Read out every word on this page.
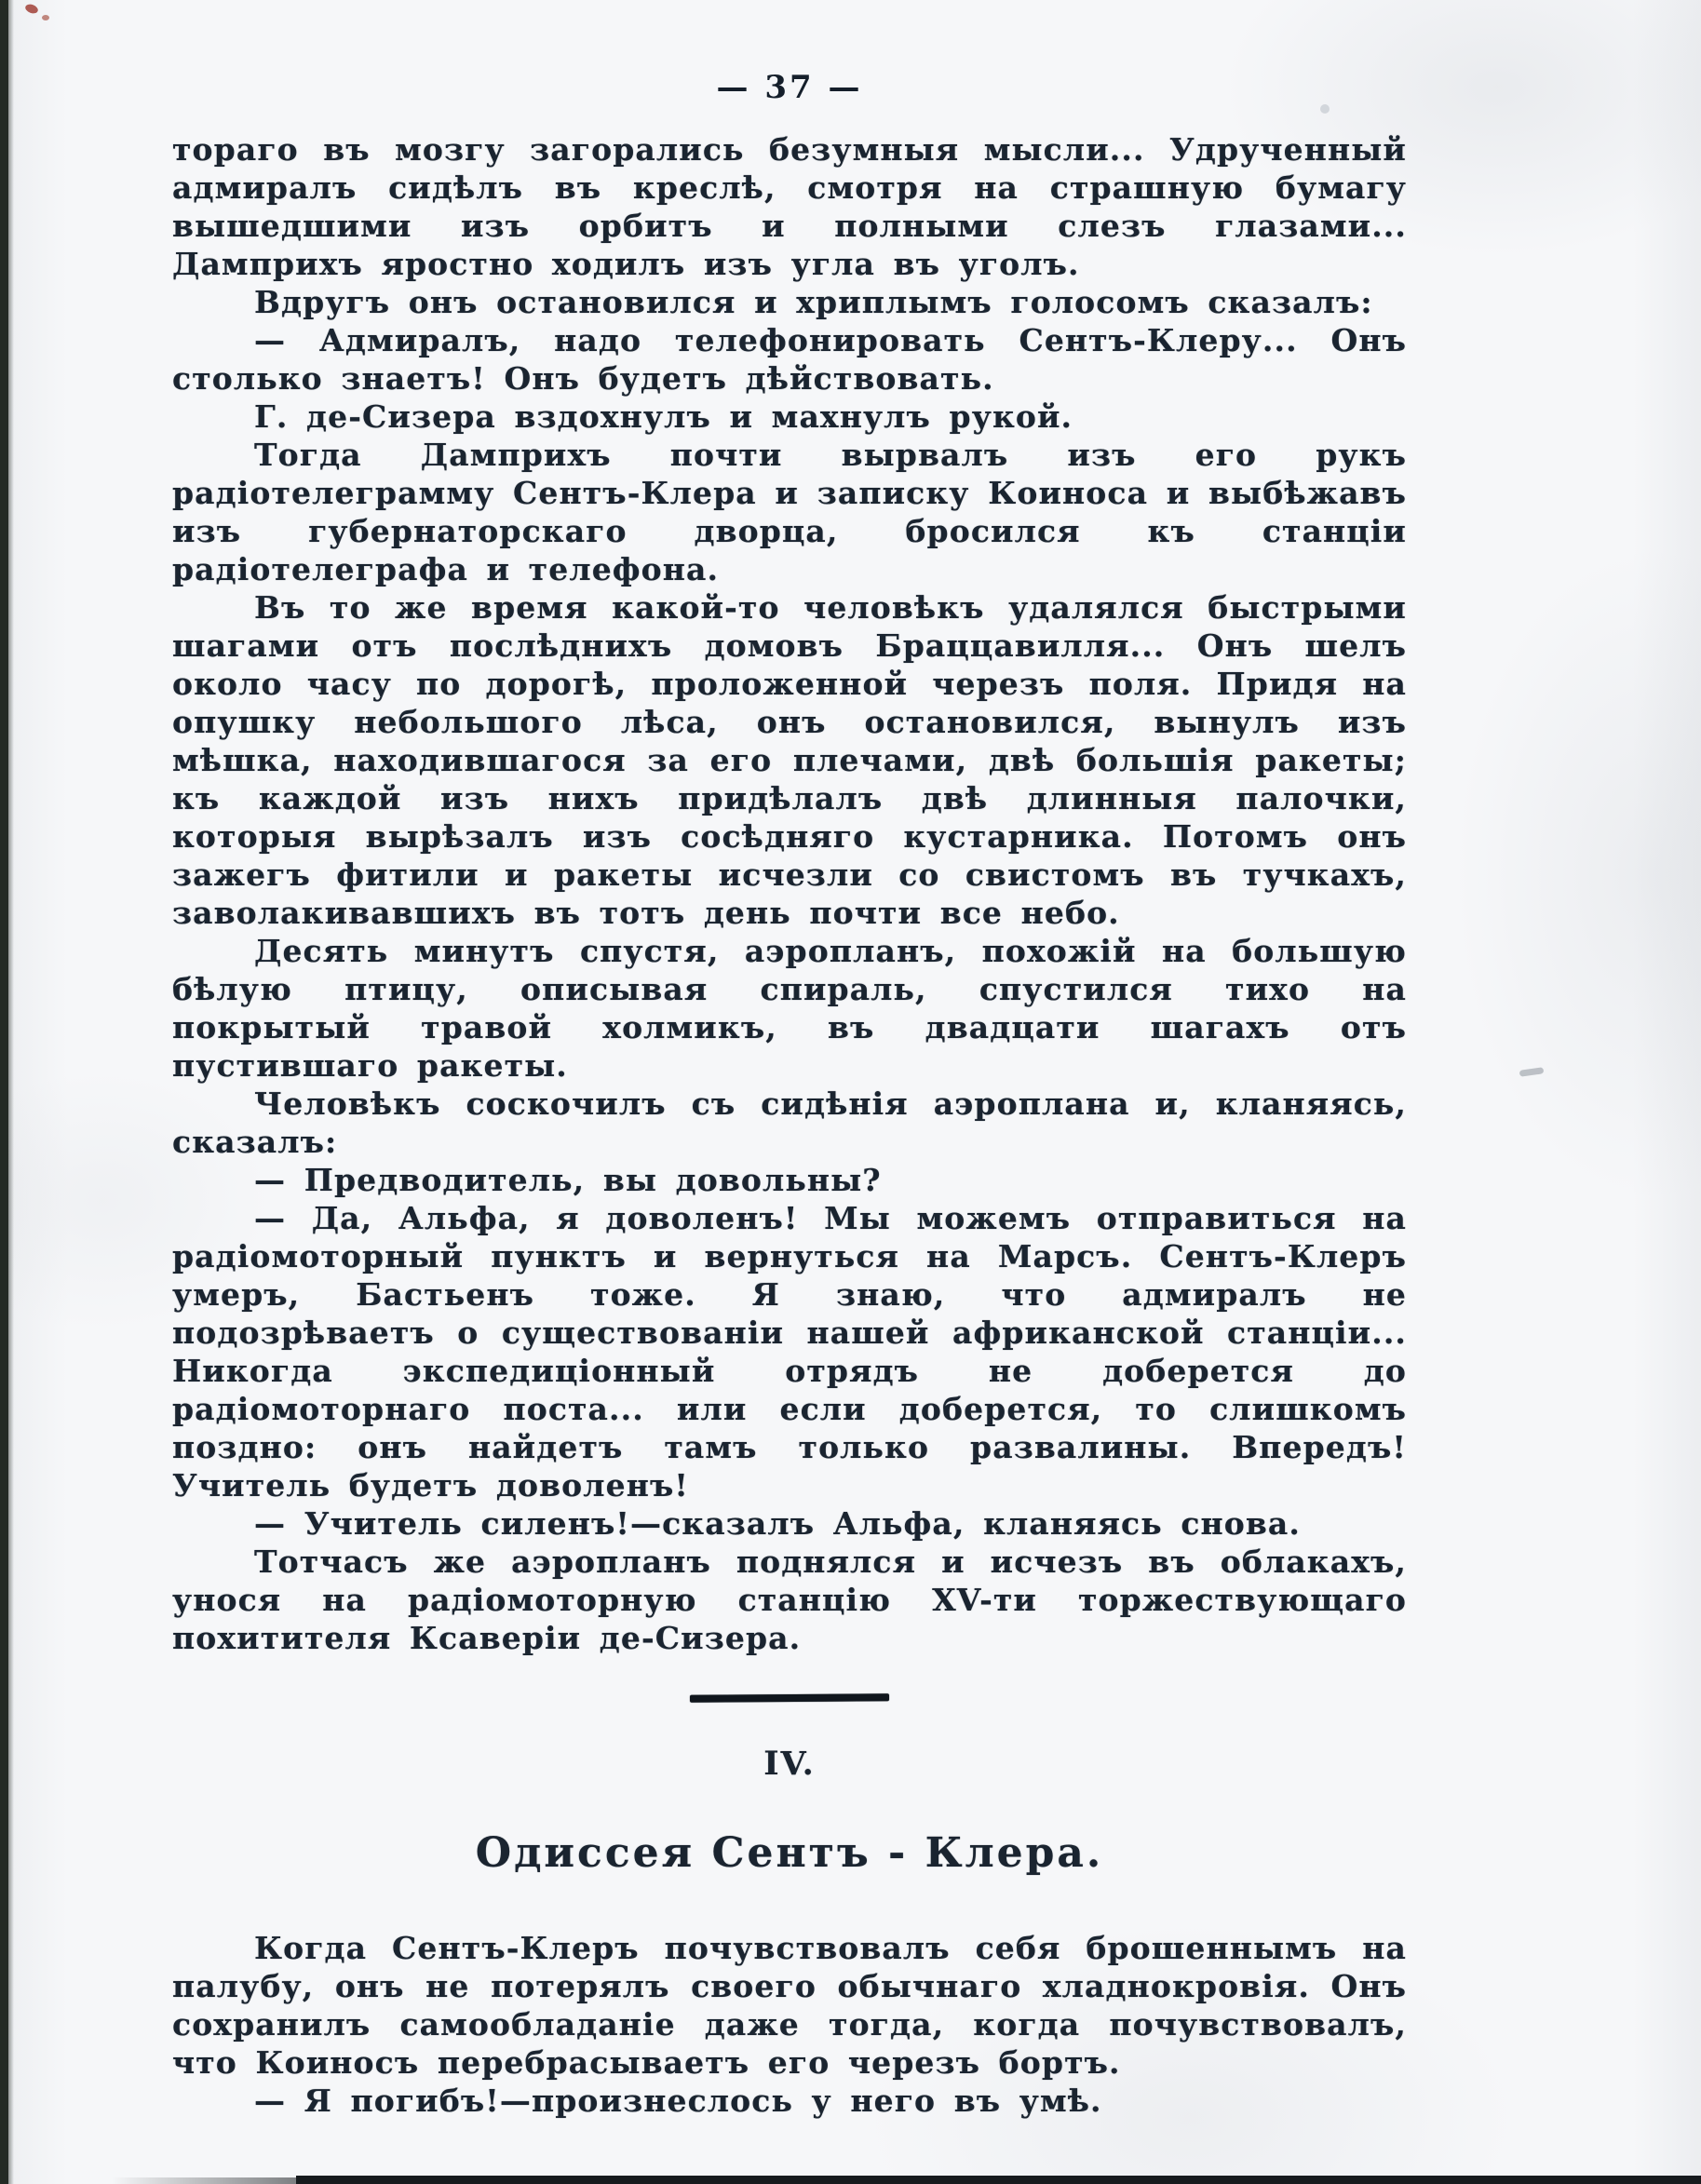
— 37 —

тораго въ мозгу загорались безумныя мысли... Удрученный адмиралъ сидѣлъ въ креслѣ, смотря на страшную бумагу вышедшими изъ орбитъ и полными слезъ глазами... Дамприхъ яростно ходилъ изъ угла въ уголъ.

Вдругъ онъ остановился и хриплымъ голосомъ сказалъ:

— Адмиралъ, надо телефонировать Сентъ-Клеру... Онъ столько знаетъ! Онъ будетъ дѣйствовать.

Г. де-Сизера вздохнулъ и махнулъ рукой.

Тогда Дамприхъ почти вырвалъ изъ его рукъ радіотелеграмму Сентъ-Клера и записку Коиноса и выбѣжавъ изъ губернаторскаго дворца, бросился къ станціи радіотелеграфа и телефона.

Въ то же время какой-то человѣкъ удалялся быстрыми шагами отъ послѣднихъ домовъ Браццавилля... Онъ шелъ около часу по дорогѣ, проложенной черезъ поля. Придя на опушку небольшого лѣса, онъ остановился, вынулъ изъ мѣшка, находившагося за его плечами, двѣ большія ракеты; къ каждой изъ нихъ придѣлалъ двѣ длинныя палочки, которыя вырѣзалъ изъ сосѣдняго кустарника. Потомъ онъ зажегъ фитили и ракеты исчезли со свистомъ въ тучкахъ, заволакивавшихъ въ тотъ день почти все небо.

Десять минутъ спустя, аэропланъ, похожій на большую бѣлую птицу, описывая спираль, спустился тихо на покрытый травой холмикъ, въ двадцати шагахъ отъ пустившаго ракеты.

Человѣкъ соскочилъ съ сидѣнія аэроплана и, кланяясь, сказалъ:

— Предводитель, вы довольны?

— Да, Альфа, я доволенъ! Мы можемъ отправиться на радіомоторный пунктъ и вернуться на Марсъ. Сентъ-Клеръ умеръ, Бастьенъ тоже. Я знаю, что адмиралъ не подозрѣваетъ о существованіи нашей африканской станціи... Никогда экспедиціонный отрядъ не доберется до радіомоторнаго поста... или если доберется, то слишкомъ поздно: онъ найдетъ тамъ только развалины. Впередъ! Учитель будетъ доволенъ!

— Учитель силенъ!—сказалъ Альфа, кланяясь снова.

Тотчасъ же аэропланъ поднялся и исчезъ въ облакахъ, унося на радіомоторную станцію XV-ти торжествующаго похитителя Ксаверіи де-Сизера.

IV.
Одиссея Сентъ - Клера.

Когда Сентъ-Клеръ почувствовалъ себя брошеннымъ на палубу, онъ не потерялъ своего обычнаго хладнокровія. Онъ сохранилъ самообладаніе даже тогда, когда почувствовалъ, что Коиносъ перебрасываетъ его черезъ бортъ.

— Я погибъ!—произнеслось у него въ умѣ.
